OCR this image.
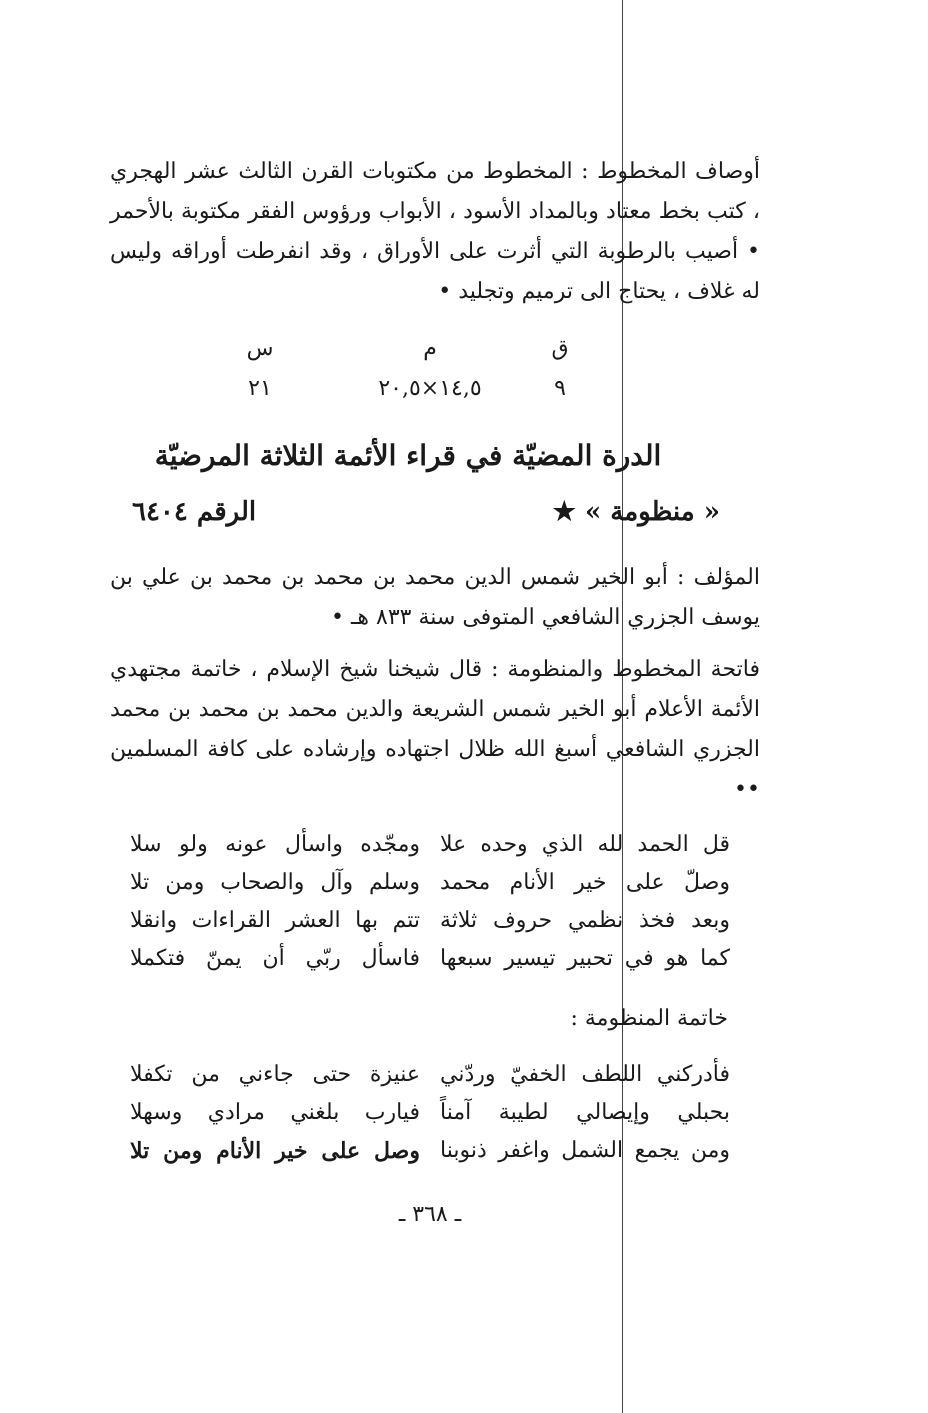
أوصاف المخطوط : المخطوط من مكتوبات القرن الثالث عشر الهجري ، كتب بخط معتاد وبالمداد الأسود ، الأبواب ورؤوس الفقر مكتوبة بالأحمر • أصيب بالرطوبة التي أثرت على الأوراق ، وقد انفرطت أوراقه وليس له غلاف ، يحتاج الى ترميم وتجليد •

ق
م
س
٩
١٤,٥×٢٠,٥
٢١
الدرة المضيّة في قراء الأئمة الثلاثة المرضيّة
« منظومة » ★
الرقم ٦٤٠٤

المؤلف : أبو الخير شمس الدين محمد بن محمد بن محمد بن علي بن يوسف الجزري الشافعي المتوفى سنة ٨٣٣ هـ •

فاتحة المخطوط والمنظومة : قال شيخنا شيخ الإسلام ، خاتمة مجتهدي الأئمة الأعلام أبو الخير شمس الشريعة والدين محمد بن محمد بن محمد الجزري الشافعي أسبغ الله ظلال اجتهاده وإرشاده على كافة المسلمين ••

قل الحمد لله الذي وحده علا
ومجّده واسأل عونه ولو سلا
وصلّ على خير الأنام محمد
وسلم وآل والصحاب ومن تلا
وبعد فخذ نظمي حروف ثلاثة
تتم بها العشر القراءات وانقلا
كما هو في تحبير تيسير سبعها
فاسأل ربّي أن يمنّ فتكملا
خاتمة المنظومة :
فأدركني اللطف الخفيّ وردّني
عنيزة حتى جاءني من تكفلا
بحبلي وإيصالي لطيبة آمناً
فيارب بلغني مرادي وسهلا
ومن يجمع الشمل واغفر ذنوبنا
وصل على خير الأنام ومن تلا
ـ ٣٦٨ ـ
